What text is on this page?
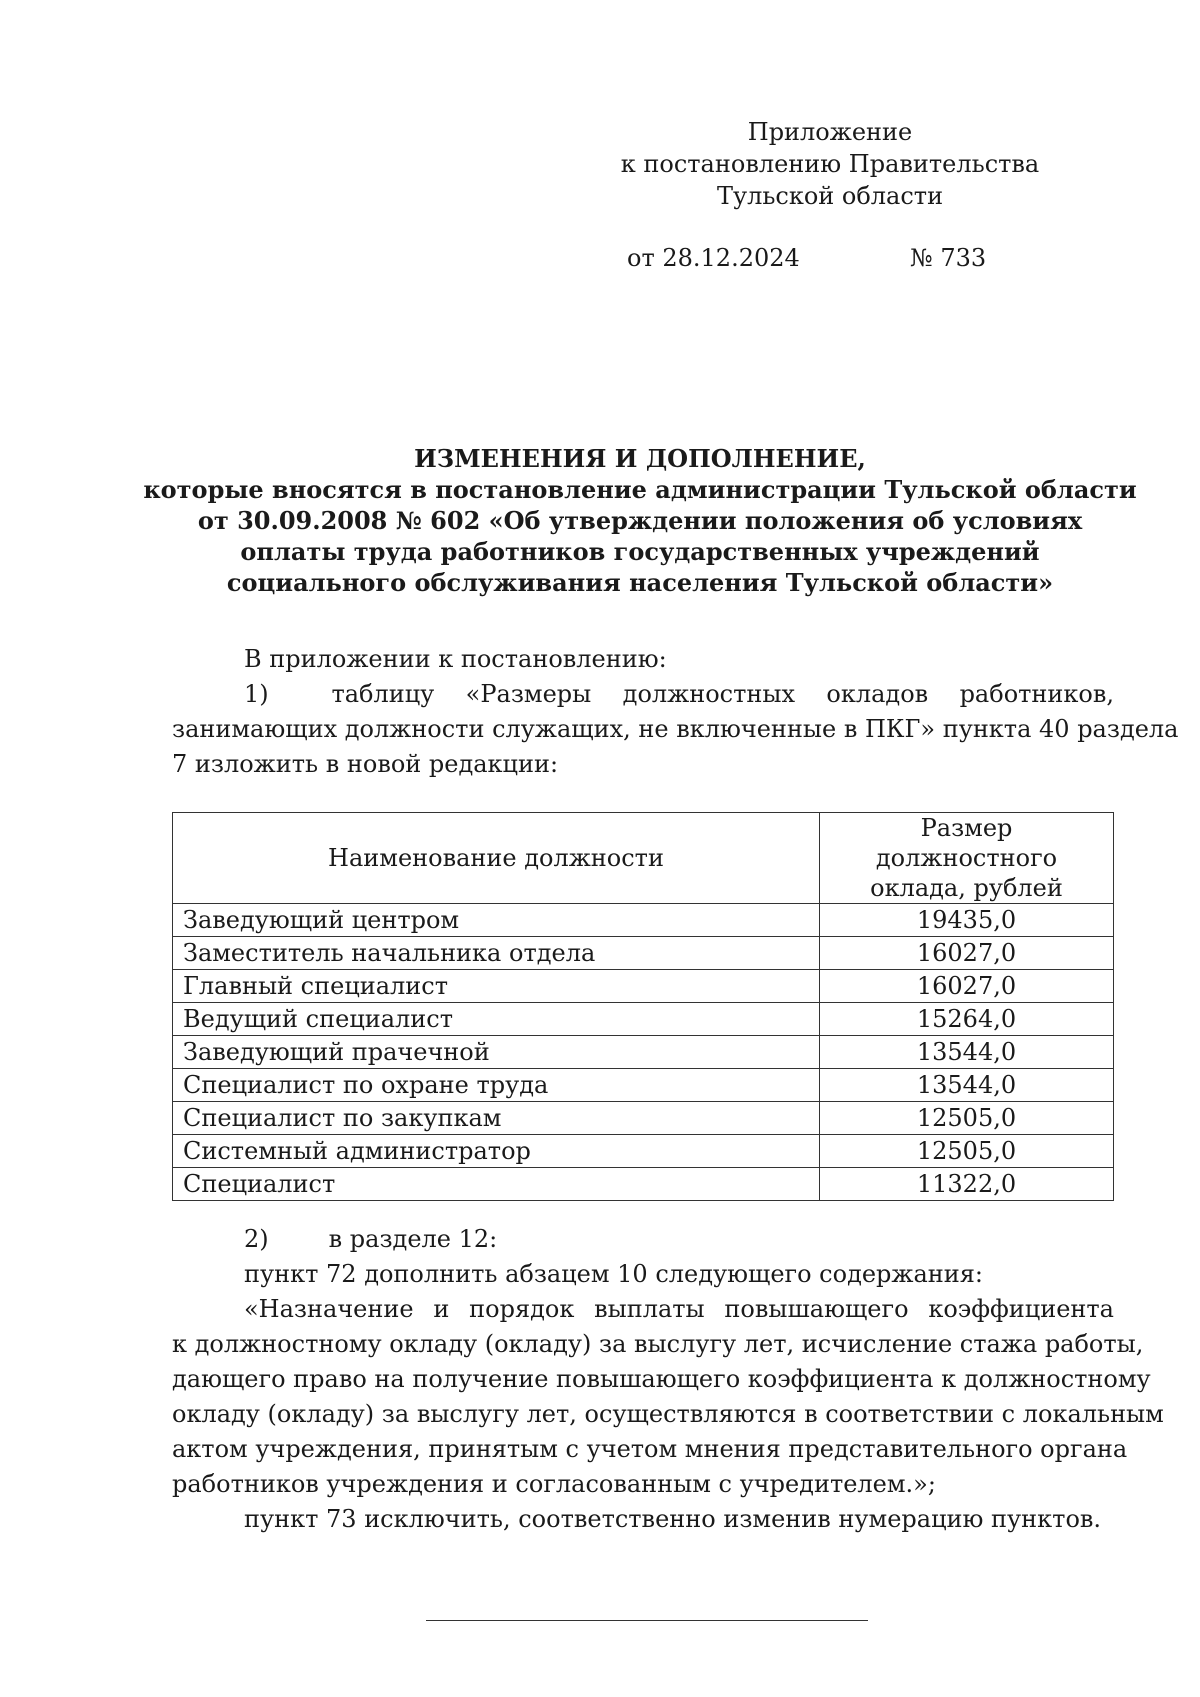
Приложение
к постановлению Правительства
Тульской области
от 28.12.2024	№ 733
ИЗМЕНЕНИЯ И ДОПОЛНЕНИЕ,
которые вносятся в постановление администрации Тульской области
от 30.09.2008 № 602 «Об утверждении положения об условиях
оплаты труда работников государственных учреждений
социального обслуживания населения Тульской области»
В приложении к постановлению:
1)  таблицу «Размеры должностных окладов работников,
занимающих должности служащих, не включенные в ПКГ» пункта 40 раздела
7 изложить в новой редакции:
Наименование должности	Размер должностного
оклада, рублей

Заведующий центром	19435,0
Заместитель начальника отдела	16027,0
Главный специалист	16027,0
Ведущий специалист	15264,0
Заведующий прачечной	13544,0
Специалист по охране труда	13544,0
Специалист по закупкам	12505,0
Системный администратор	12505,0
Специалист	11322,0
2)	в разделе 12:
пункт 72 дополнить абзацем 10 следующего содержания:
«Назначение и порядок выплаты повышающего коэффициента
к должностному окладу (окладу) за выслугу лет, исчисление стажа работы,
дающего право на получение повышающего коэффициента к должностному
окладу (окладу) за выслугу лет, осуществляются в соответствии с локальным
актом учреждения, принятым с учетом мнения представительного органа
работников учреждения и согласованным с учредителем.»;
пункт 73 исключить, соответственно изменив нумерацию пунктов.
